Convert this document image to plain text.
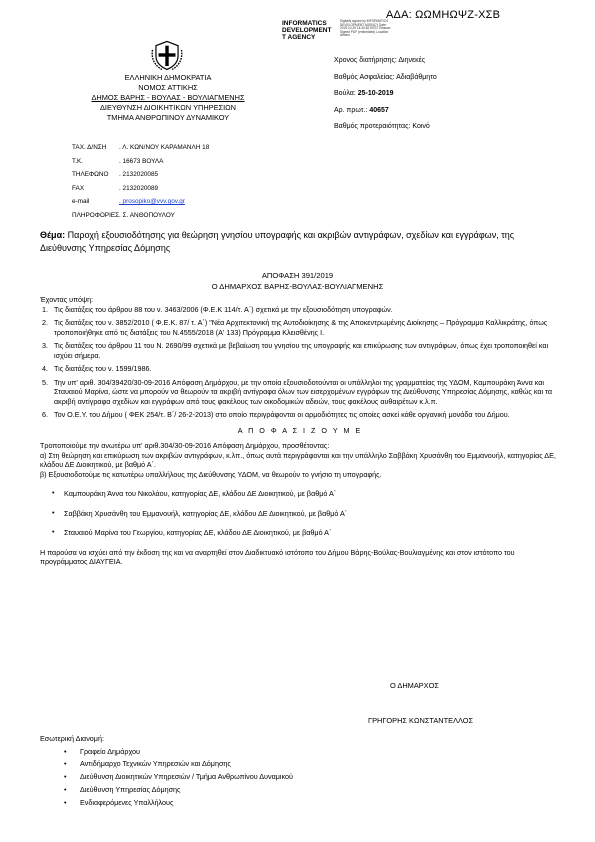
ΑΔΑ: ΩΩΜΗΩΨΖ-ΧΣΒ
INFORMATICS
DEVELOPMENT
T AGENCY
Digitally signed by INFORMATICS DEVELOPMENT AGENCY Date: 2019.10.25 14:30:52 EEST Reason: Signed PDF (embedded) Location: Athens
ΕΛΛΗΝΙΚΗ ΔΗΜΟΚΡΑΤΙΑ
ΝΟΜΟΣ ΑΤΤΙΚΗΣ
ΔΗΜΟΣ ΒΑΡΗΣ - ΒΟΥΛΑΣ - ΒΟΥΛΙΑΓΜΕΝΗΣ
ΔΙΕΥΘΥΝΣΗ ΔΙΟΙΚΗΤΙΚΩΝ ΥΠΗΡΕΣΙΩΝ
ΤΜΗΜΑ ΑΝΘΡΩΠΙΝΟΥ ΔΥΝΑΜΙΚΟΥ
Χρονος διατήρησης: Διηνεκές
Βαθμός Ασφαλείας: Αδιαβάθμητο
Βούλα: 25-10-2019
Αρ. πρωτ.: 40657
Βαθμός προτεραιότητας: Κοινό
ΤΑΧ. Δ/ΝΣΗ	. Λ. ΚΩΝ/ΝΟΥ ΚΑΡΑΜΑΝΛΗ 18
Τ.Κ.	. 16673 ΒΟΥΛΑ
ΤΗΛΕΦΩΝΟ	. 2132020085
FAX	. 2132020089
e-mail	. prosopiko@vvv.gov.gr
ΠΛΗΡΟΦΟΡΙΕΣ . Σ. ΑΝΘΟΠΟΥΛΟΥ
Θέμα: Παροχή εξουσιοδότησης για θεώρηση γνησίου υπογραφής και ακριβών αντιγράφων, σχεδίων και εγγράφων, της Διεύθυνσης Υπηρεσίας Δόμησης
ΑΠΟΦΑΣΗ 391/2019
Ο ΔΗΜΑΡΧΟΣ ΒΑΡΗΣ-ΒΟΥΛΑΣ-ΒΟΥΛΙΑΓΜΕΝΗΣ
Έχοντας υπόψη:
1. Τις διατάξεις του άρθρου 88 του ν. 3463/2006 (Φ.Ε.Κ 114/τ. Α΄) σχετικά με την εξουσιοδότηση υπογραφών.
2. Τις διατάξεις του ν. 3852/2010 ( Φ.Ε.Κ. 87/ τ. Α΄) "Νέα Αρχιτεκτονική της Αυτοδιοίκησης & της Αποκεντρωμένης Διοίκησης – Πρόγραμμα Καλλικράτης, όπως τροποποιήθηκε από τις διατάξεις του Ν.4555/2018 (Α' 133) Πρόγραμμα Κλεισθένης Ι.
3. Τις διατάξεις του άρθρου 11 του Ν. 2690/99 σχετικά με βεβαίωση του γνησίου της υπογραφής και επικύρωσης των αντιγράφων, όπως έχει τροποποιηθεί και ισχύει σήμερα.
4. Τις διατάξεις του ν. 1599/1986.
5. Την υπ' αριθ. 304/39420/30-09-2016 Απόφαση Δημάρχου, με την οποία εξουσιοδοτούνται οι υπάλληλοι της γραμματείας της ΥΔΟΜ, Καμπουράκη Άννα και Σταυαιού Μαρίνα, ώστε να μπορούν να θεωρούν τα ακριβή αντίγραφα όλων των εισερχομένων εγγράφων της Διεύθυνσης Υπηρεσίας Δόμησης, καθώς και τα ακριβή αντίγραφα σχεδίων και εγγράφων από τους φακέλους των οικοδομικών αδειών, τους φακέλους αυθαιρέτων κ.λ.π.
6. Τον Ο.Ε.Υ. του Δήμου ( ΦΕΚ 254/τ. Β΄/ 26-2-2013) στο οποίο περιγράφονται οι αρμοδιότητες τις οποίες ασκεί κάθε οργανική μονάδα του Δήμου.
Α Π Ο Φ Α Σ Ι Ζ Ο Υ Μ Ε
Τροποποιούμε την ανωτέρω υπ' αριθ.304/30-09-2016 Απόφαση Δημάρχου, προσθέτοντας:
α) Στη θεώρηση και επικύρωση των ακριβών αντιγράφων, κ.λπ., όπως αυτά περιγράφονται και την υπάλληλο Σαββάκη Χρυσάνθη του Εμμανουήλ, κατηγορίας ΔΕ, κλάδου ΔΕ Διοικητικού, με βαθμό Α΄.
β) Εξουσιοδοτούμε τις κατωτέρω υπαλλήλους της Διεύθυνσης ΥΔΟΜ, να θεωρούν το γνήσιο τη υπογραφής.
• Καμπουράκη Άννα του Νικολάου, κατηγορίας ΔΕ, κλάδου ΔΕ Διοικητικού, με βαθμό Α΄
• Σαββάκη Χρυσάνθη του Εμμανουήλ, κατηγορίας ΔΕ, κλάδου ΔΕ Διοικητικού, με βαθμό Α΄
• Σταυαιού Μαρίνα του Γεωργίου, κατηγορίας ΔΕ, κλάδου ΔΕ Διοικητικού, με βαθμό Α΄
Η παρούσα να ισχύει από την έκδοση της και να αναρτηθεί στον Διαδικτυακό ιστότοπο του Δήμου Βάρης-Βούλας-Βουλιαγμένης και στον ιστότοπο του προγράμματος ΔΙΑΥΓΕΙΑ.
Ο ΔΗΜΑΡΧΟΣ
ΓΡΗΓΟΡΗΣ ΚΩΝΣΤΑΝΤΕΛΛΟΣ
Εσωτερική Διανομή:
• Γραφείο Δημάρχου
• Αντιδήμαρχο Τεχνικών Υπηρεσιών και Δόμησης
• Διεύθυνση Διοικητικών Υπηρεσιών / Τμήμα Ανθρωπίνου Δυναμικού
• Διεύθυνση Υπηρεσίας Δόμησης
• Ενδιαφερόμενες Υπαλλήλους
